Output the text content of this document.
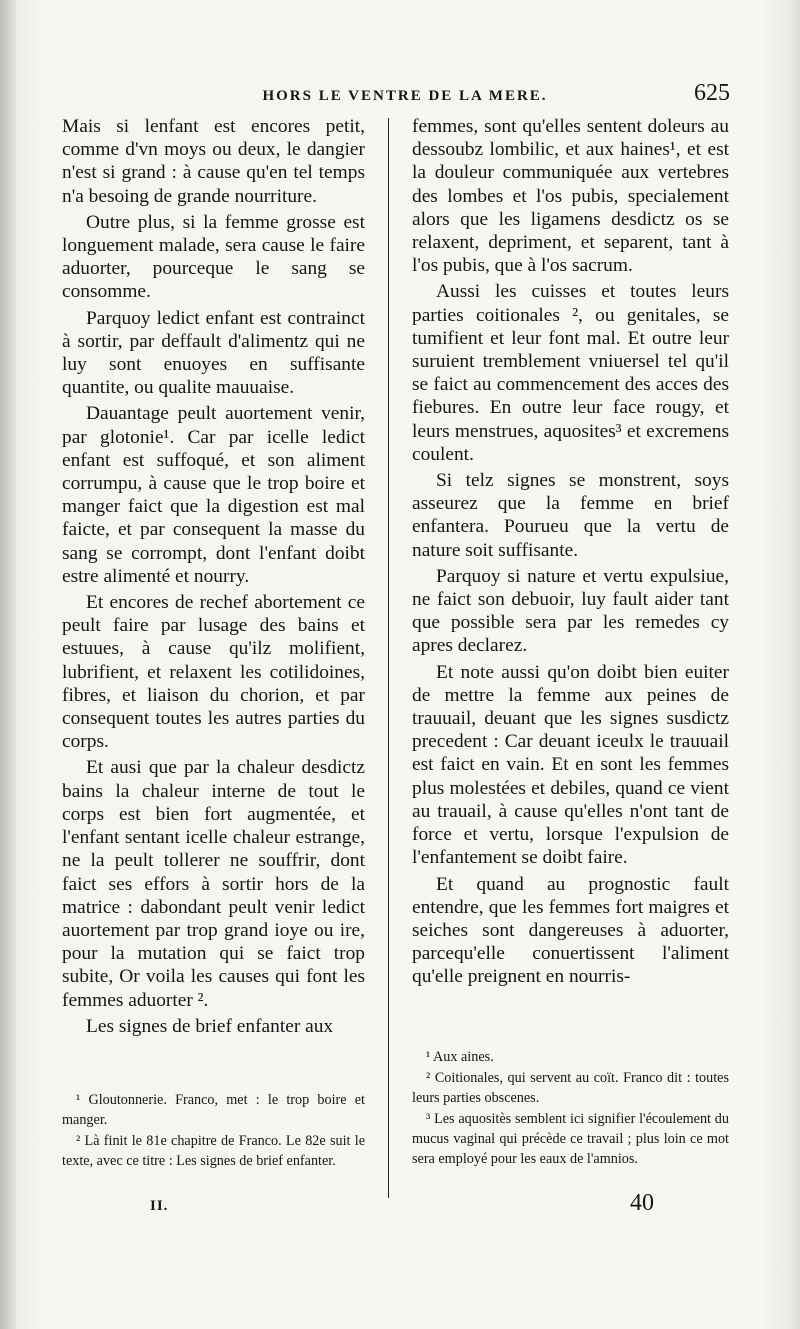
HORS LE VENTRE DE LA MERE.	625

Mais si lenfant est encores petit, comme d'vn moys ou deux, le dangier n'est si grand : à cause qu'en tel temps n'a besoing de grande nourriture.

Outre plus, si la femme grosse est longuement malade, sera cause le faire aduorter, pourceque le sang se consomme.

Parquoy ledict enfant est contrainct à sortir, par deffault d'alimentz qui ne luy sont enuoyes en suffisante quantite, ou qualite mauuaise.

Dauantage peult auortement venir, par glotonie¹. Car par icelle ledict enfant est suffoqué, et son aliment corrumpu, à cause que le trop boire et manger faict que la digestion est mal faicte, et par consequent la masse du sang se corrompt, dont l'enfant doibt estre alimenté et nourry.

Et encores de rechef abortement ce peult faire par lusage des bains et estuues, à cause qu'ilz molifient, lubrifient, et relaxent les cotilidoines, fibres, et liaison du chorion, et par consequent toutes les autres parties du corps.

Et ausi que par la chaleur desdictz bains la chaleur interne de tout le corps est bien fort augmentée, et l'enfant sentant icelle chaleur estrange, ne la peult tollerer ne souffrir, dont faict ses effors à sortir hors de la matrice : dabondant peult venir ledict auortement par trop grand ioye ou ire, pour la mutation qui se faict trop subite, Or voila les causes qui font les femmes aduorter ².

Les signes de brief enfanter aux

femmes, sont qu'elles sentent doleurs au dessoubz lombilic, et aux haines¹, et est la douleur communiquée aux vertebres des lombes et l'os pubis, specialement alors que les ligamens desdictz os se relaxent, depriment, et separent, tant à l'os pubis, que à l'os sacrum.

Aussi les cuisses et toutes leurs parties coitionales ², ou genitales, se tumifient et leur font mal. Et outre leur suruient tremblement vniuersel tel qu'il se faict au commencement des acces des fiebures. En outre leur face rougy, et leurs menstrues, aquosites³ et excremens coulent.

Si telz signes se monstrent, soys asseurez que la femme en brief enfantera. Pourueu que la vertu de nature soit suffisante.

Parquoy si nature et vertu expulsiue, ne faict son debuoir, luy fault aider tant que possible sera par les remedes cy apres declarez.

Et note aussi qu'on doibt bien euiter de mettre la femme aux peines de trauuail, deuant que les signes susdictz precedent : Car deuant iceulx le trauuail est faict en vain. Et en sont les femmes plus molestées et debiles, quand ce vient au trauail, à cause qu'elles n'ont tant de force et vertu, lorsque l'expulsion de l'enfantement se doibt faire.

Et quand au prognostic fault entendre, que les femmes fort maigres et seiches sont dangereuses à aduorter, parcequ'elle conuertissent l'aliment qu'elle preignent en nourris-

¹ Gloutonnerie. Franco, met : le trop boire et manger.

² Là finit le 81e chapitre de Franco. Le 82e suit le texte, avec ce titre : Les signes de brief enfanter.

¹ Aux aines.

² Coitionales, qui servent au coït. Franco dit : toutes leurs parties obscenes.

³ Les aquositès semblent ici signifier l'écoulement du mucus vaginal qui précède ce travail ; plus loin ce mot sera employé pour les eaux de l'amnios.

II.	40
